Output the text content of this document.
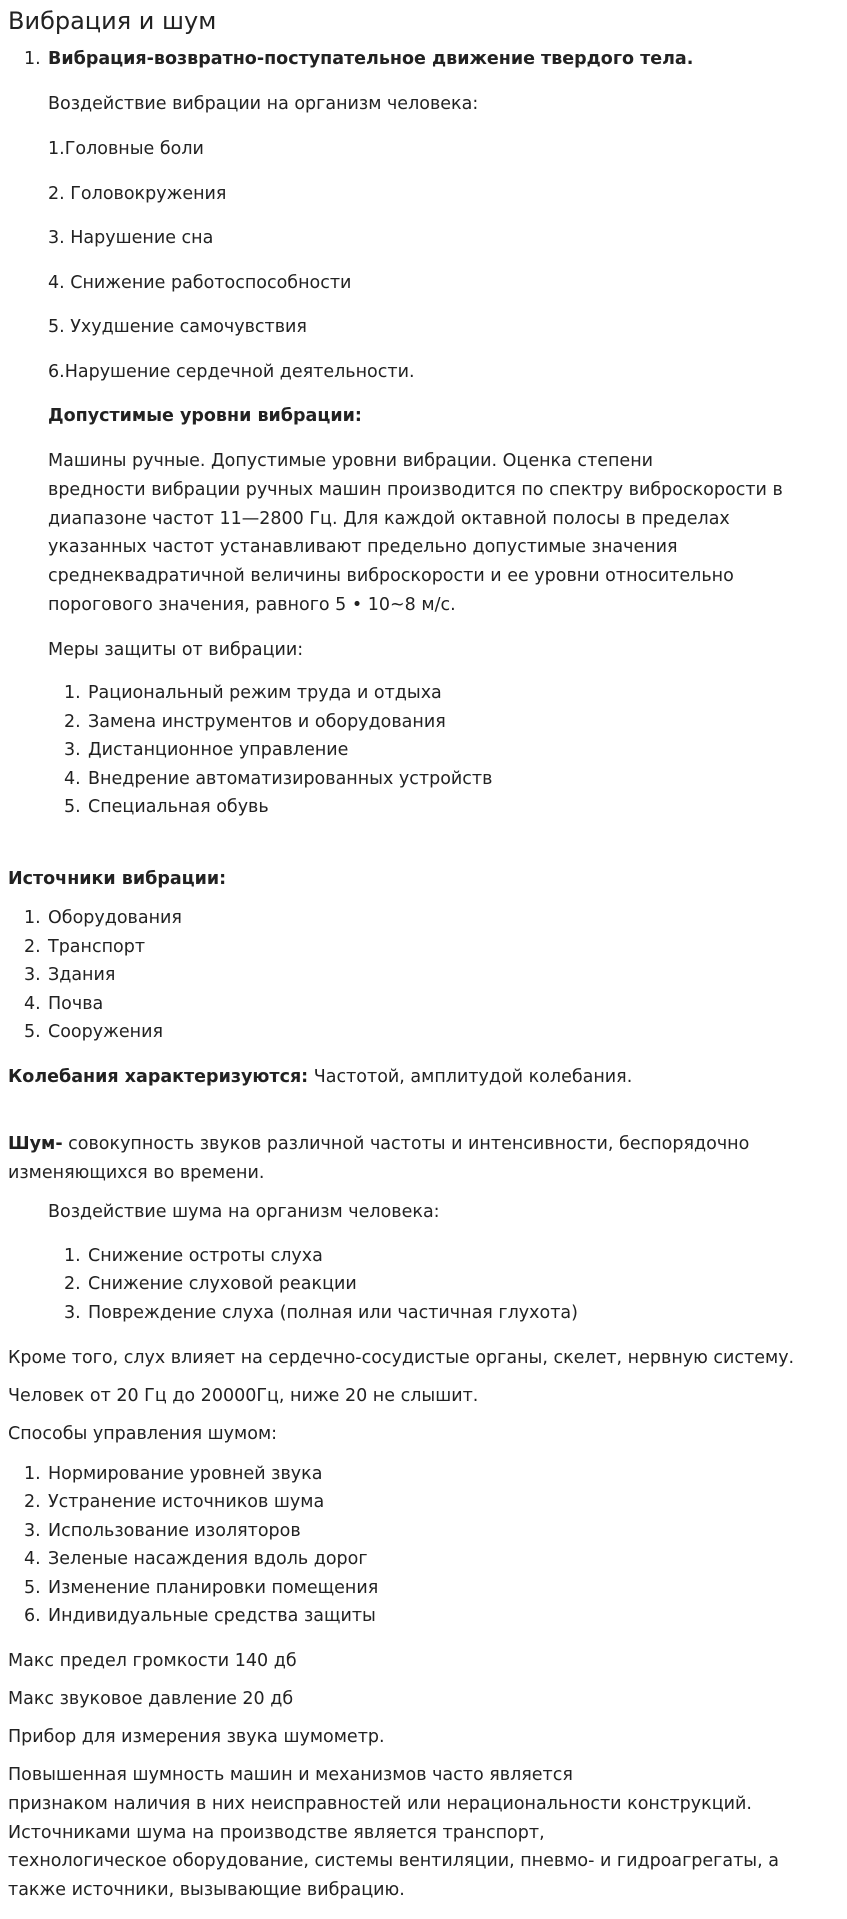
Вибрация и шум
1. Вибрация-возвратно-поступательное движение твердого тела.
Воздействие вибрации на организм человека:
1.Головные боли
2. Головокружения
3. Нарушение сна
4. Снижение работоспособности
5. Ухудшение самочувствия
6.Нарушение сердечной деятельности.
Допустимые уровни вибрации:
Машины ручные. Допустимые уровни вибрации. Оценка степени
вредности вибрации ручных машин производится по спектру виброскорости в
диапазоне частот 11—2800 Гц. Для каждой октавной полосы в пределах
указанных частот устанавливают предельно допустимые значения
среднеквадратичной величины виброскорости и ее уровни относительно
порогового значения, равного 5 • 10~8 м/с.
Меры защиты от вибрации:
1. Рациональный режим труда и отдыха
2. Замена инструментов и оборудования
3. Дистанционное управление
4. Внедрение автоматизированных устройств
5. Специальная обувь
Источники вибрации:
1. Оборудования
2. Транспорт
3. Здания
4. Почва
5. Сооружения
Колебания характеризуются: Частотой, амплитудой колебания.
Шум- совокупность звуков различной частоты и интенсивности, беспорядочно
изменяющихся во времени.
Воздействие шума на организм человека:
1. Снижение остроты слуха
2. Снижение слуховой реакции
3. Повреждение слуха (полная или частичная глухота)
Кроме того, слух влияет на сердечно-сосудистые органы, скелет, нервную систему.
Человек от 20 Гц до 20000Гц, ниже 20 не слышит.
Способы управления шумом:
1. Нормирование уровней звука
2. Устранение источников шума
3. Использование изоляторов
4. Зеленые насаждения вдоль дорог
5. Изменение планировки помещения
6. Индивидуальные средства защиты
Макс предел громкости 140 дб
Макс звуковое давление 20 дб
Прибор для измерения звука шумометр.
Повышенная шумность машин и механизмов часто является
признаком наличия в них неисправностей или нерациональности конструкций.
Источниками шума на производстве является транспорт,
технологическое оборудование, системы вентиляции, пневмо- и гидроагрегаты, а
также источники, вызывающие вибрацию.
